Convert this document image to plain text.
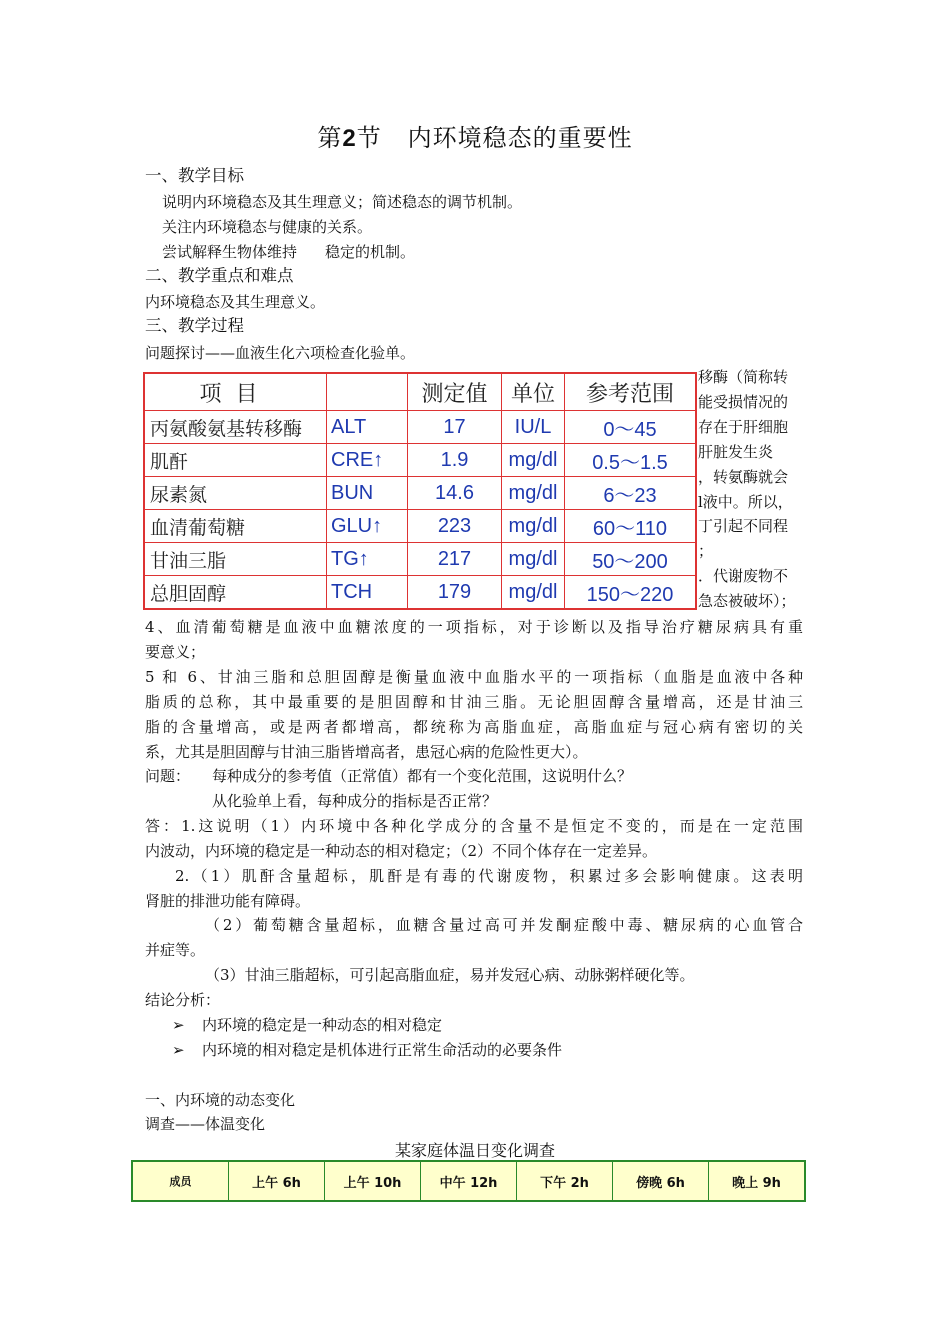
第2节 内环境稳态的重要性
一、教学目标
说明内环境稳态及其生理意义；简述稳态的调节机制。
关注内环境稳态与健康的关系。
尝试解释生物体维持 稳定的机制。
二、教学重点和难点
内环境稳态及其生理意义。
三、教学过程
问题探讨——血液生化六项检查化验单。
项目		测定值	单位	参考范围
丙氨酸氨基转移酶	ALT	17	IU/L	0～45
肌酐	CRE↑	1.9	mg/dl	0.5～1.5
尿素氮	BUN	14.6	mg/dl	6～23
血清葡萄糖	GLU↑	223	mg/dl	60～110
甘油三脂	TG↑	217	mg/dl	50～200
总胆固醇	TCH	179	mg/dl	150～220
移酶（简称转
能受损情况的
存在于肝细胞
肝脏发生炎
，转氨酶就会
l液中。所以，
丁引起不同程
；
．代谢废物不
急态被破坏）；
4、血清葡萄糖是血液中血糖浓度的一项指标，对于诊断以及指导治疗糖尿病具有重
要意义；
5 和 6、甘油三脂和总胆固醇是衡量血液中血脂水平的一项指标（血脂是血液中各种
脂质的总称，其中最重要的是胆固醇和甘油三脂。无论胆固醇含量增高，还是甘油三
脂的含量增高，或是两者都增高，都统称为高脂血症，高脂血症与冠心病有密切的关
系，尤其是胆固醇与甘油三脂皆增高者，患冠心病的危险性更大）。
问题： 每种成分的参考值（正常值）都有一个变化范围，这说明什么？
从化验单上看，每种成分的指标是否正常？
答：1.这说明（1）内环境中各种化学成分的含量不是恒定不变的，而是在一定范围
内波动，内环境的稳定是一种动态的相对稳定；（2）不同个体存在一定差异。
2.（1）肌酐含量超标，肌酐是有毒的代谢废物，积累过多会影响健康。这表明
肾脏的排泄功能有障碍。
（2）葡萄糖含量超标，血糖含量过高可并发酮症酸中毒、糖尿病的心血管合
并症等。
（3）甘油三脂超标，可引起高脂血症，易并发冠心病、动脉粥样硬化等。
结论分析：
➢ 内环境的稳定是一种动态的相对稳定
➢ 内环境的相对稳定是机体进行正常生命活动的必要条件
一、内环境的动态变化
调查——体温变化
某家庭体温日变化调查
成员	上午 6h	上午 10h	中午 12h	下午 2h	傍晚 6h	晚上 9h
